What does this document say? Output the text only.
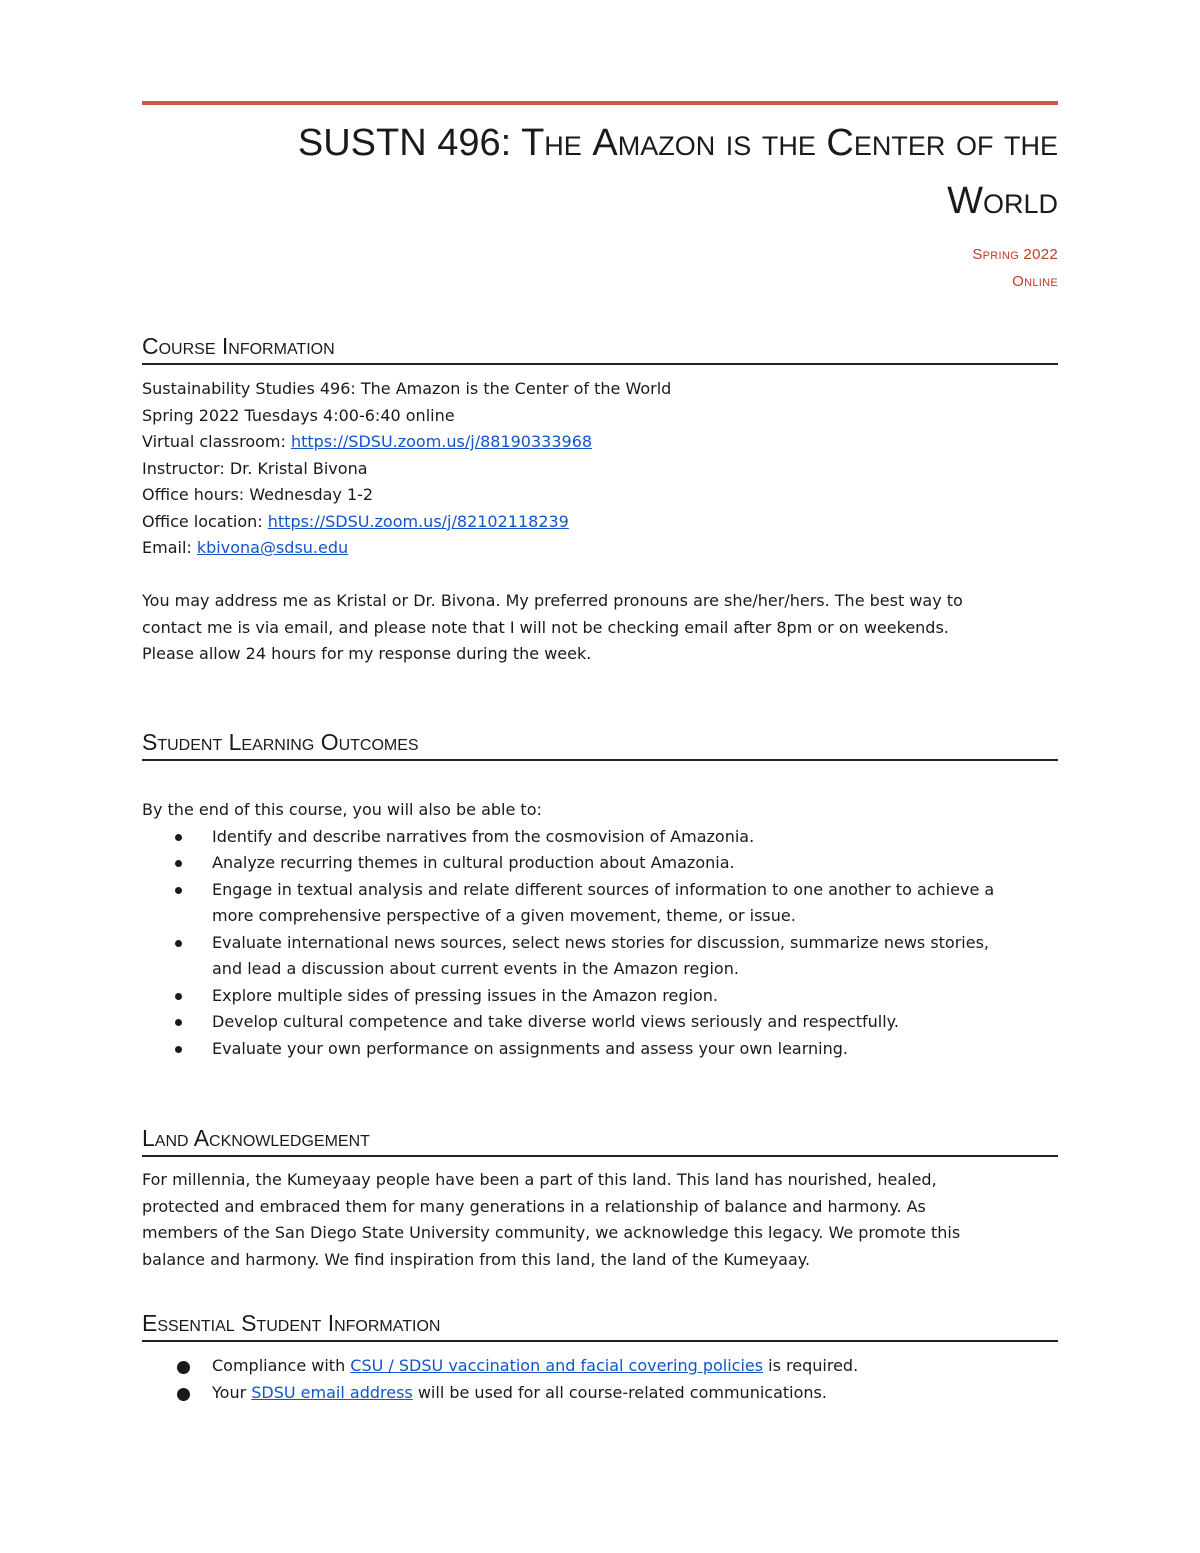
SUSTN 496: The Amazon is the Center of the
World
Spring 2022
Online
Course Information
Sustainability Studies 496: The Amazon is the Center of the World
Spring 2022 Tuesdays 4:00-6:40 online
Virtual classroom: https://SDSU.zoom.us/j/88190333968
Instructor: Dr. Kristal Bivona
Office hours: Wednesday 1-2
Office location: https://SDSU.zoom.us/j/82102118239
Email: kbivona@sdsu.edu
You may address me as Kristal or Dr. Bivona. My preferred pronouns are she/her/hers. The best way to
contact me is via email, and please note that I will not be checking email after 8pm or on weekends.
Please allow 24 hours for my response during the week.
Student Learning Outcomes
By the end of this course, you will also be able to:
Identify and describe narratives from the cosmovision of Amazonia.
Analyze recurring themes in cultural production about Amazonia.
Engage in textual analysis and relate different sources of information to one another to achieve a
more comprehensive perspective of a given movement, theme, or issue.
Evaluate international news sources, select news stories for discussion, summarize news stories,
and lead a discussion about current events in the Amazon region.
Explore multiple sides of pressing issues in the Amazon region.
Develop cultural competence and take diverse world views seriously and respectfully.
Evaluate your own performance on assignments and assess your own learning.
Land Acknowledgement
For millennia, the Kumeyaay people have been a part of this land. This land has nourished, healed,
protected and embraced them for many generations in a relationship of balance and harmony. As
members of the San Diego State University community, we acknowledge this legacy. We promote this
balance and harmony. We find inspiration from this land, the land of the Kumeyaay.
Essential Student Information
Compliance with CSU / SDSU vaccination and facial covering policies is required.
Your SDSU email address will be used for all course-related communications.
